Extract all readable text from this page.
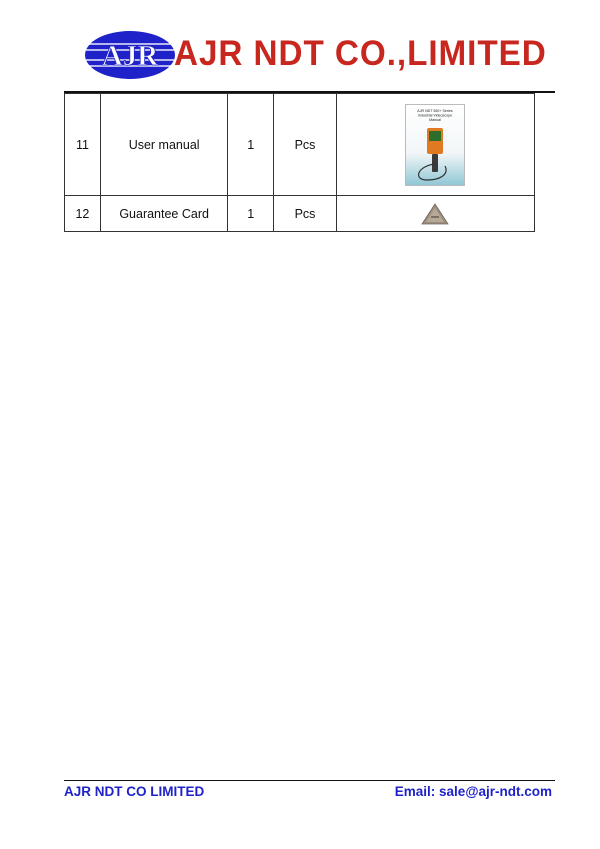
AJR AJR NDT CO.,LIMITED
11	User manual	1	Pcs	AJR NDT 550+ Series
Industrial Videoscope
Manual

12	Guarantee Card	1	Pcs

AJR NDT CO LIMITED	Email: sale@ajr-ndt.com
